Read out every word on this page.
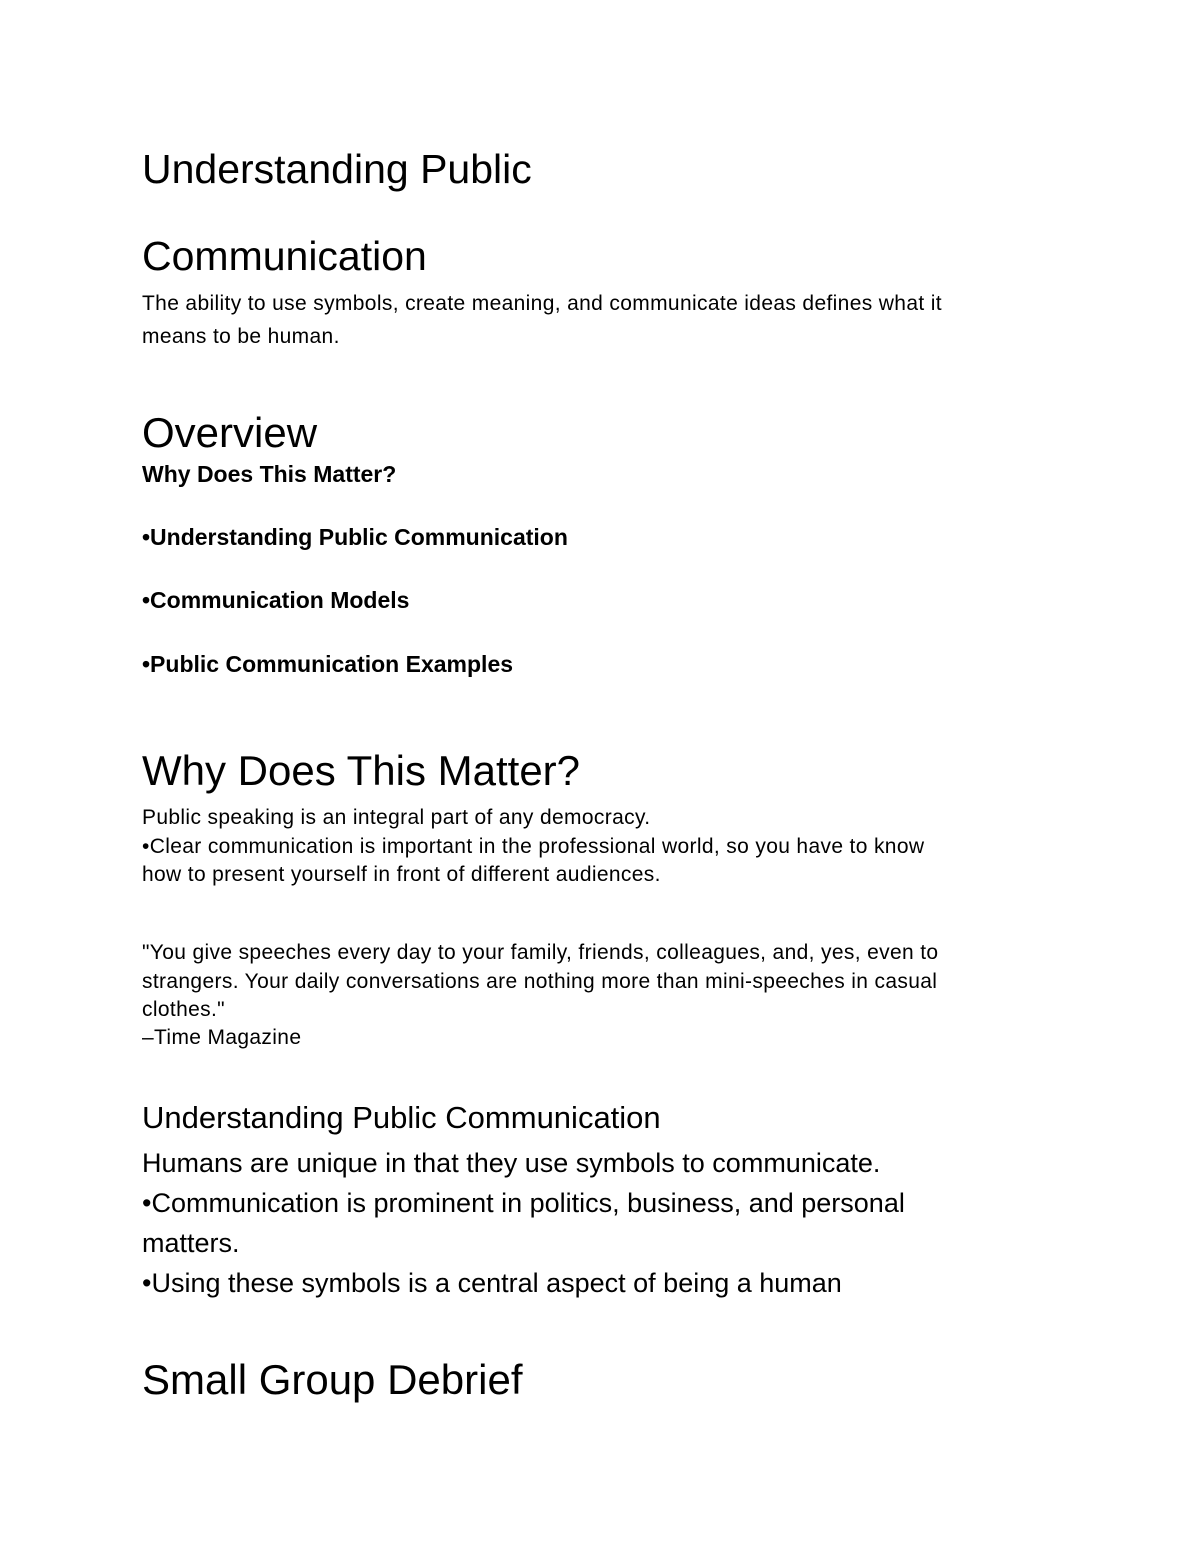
Understanding Public
Communication

The ability to use symbols, create meaning, and communicate ideas defines what it

means to be human.

Overview

Why Does This Matter?

•Understanding Public Communication

•Communication Models

•Public Communication Examples

Why Does This Matter?

Public speaking is an integral part of any democracy.

•Clear communication is important in the professional world, so you have to know

how to present yourself in front of different audiences.

"You give speeches every day to your family, friends, colleagues, and, yes, even to

strangers. Your daily conversations are nothing more than mini-speeches in casual

clothes."

–Time Magazine

Understanding Public Communication

Humans are unique in that they use symbols to communicate.

•Communication is prominent in politics, business, and personal

matters.

•Using these symbols is a central aspect of being a human

Small Group Debrief
